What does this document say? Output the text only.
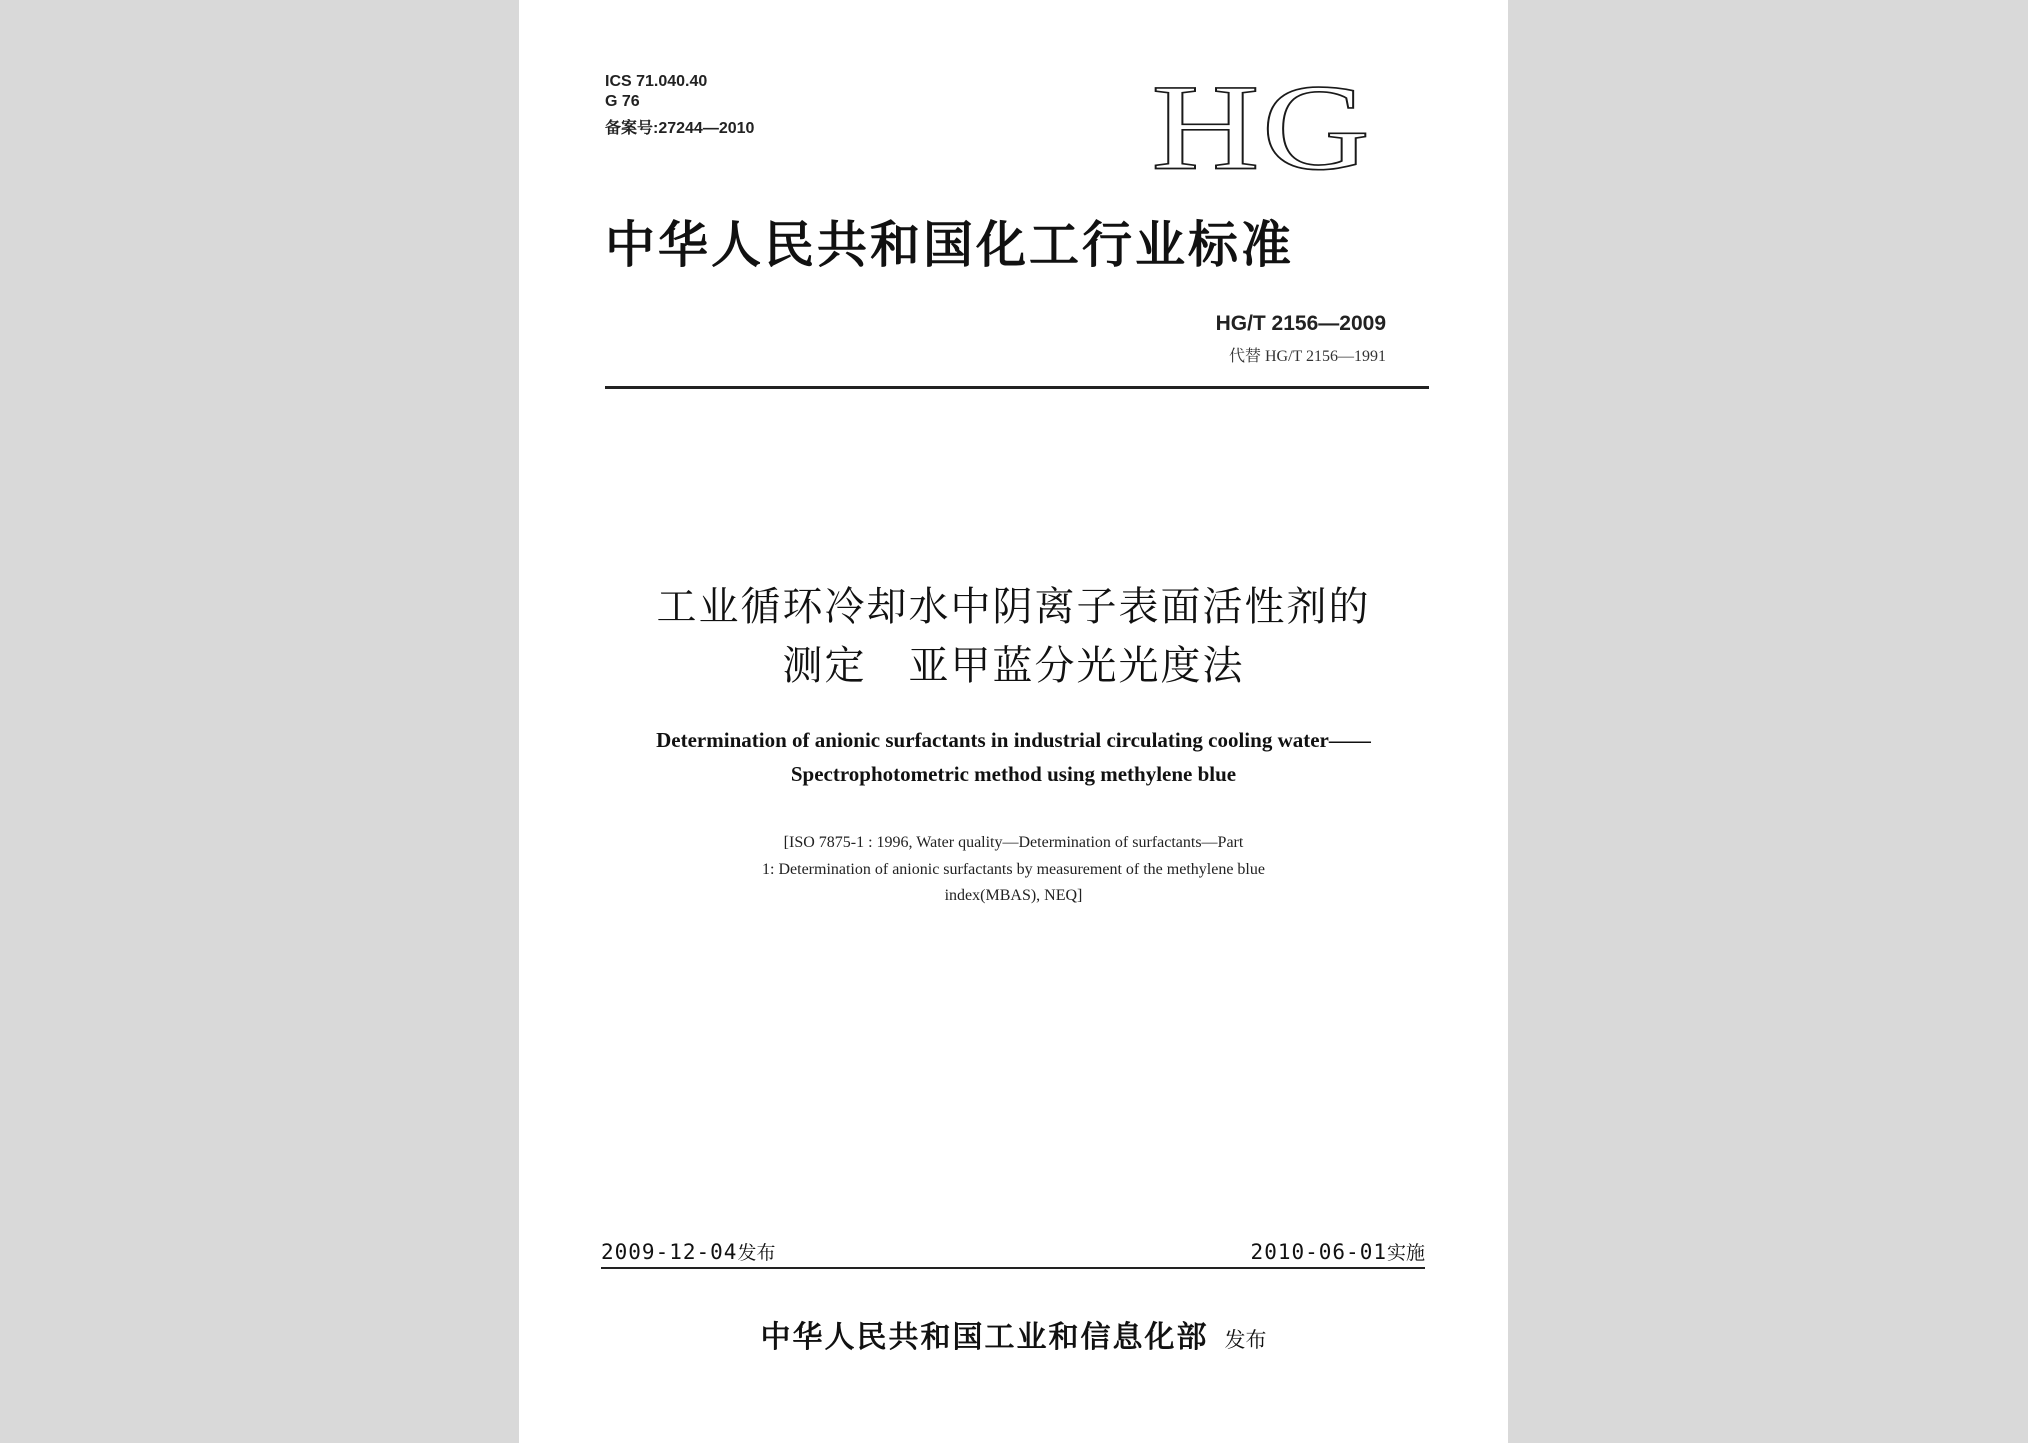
ICS 71.040.40
G 76
备案号:27244—2010	HG
中华人民共和国化工行业标准
HG/T 2156—2009
代替 HG/T 2156—1991
工业循环冷却水中阴离子表面活性剂的
测定　亚甲蓝分光光度法
Determination of anionic surfactants in industrial circulating cooling water——
Spectrophotometric method using methylene blue
[ISO 7875-1 : 1996, Water quality—Determination of surfactants—Part
1: Determination of anionic surfactants by measurement of the methylene blue
index(MBAS), NEQ]
2009-12-04发布	2010-06-01实施
中华人民共和国工业和信息化部 发布
